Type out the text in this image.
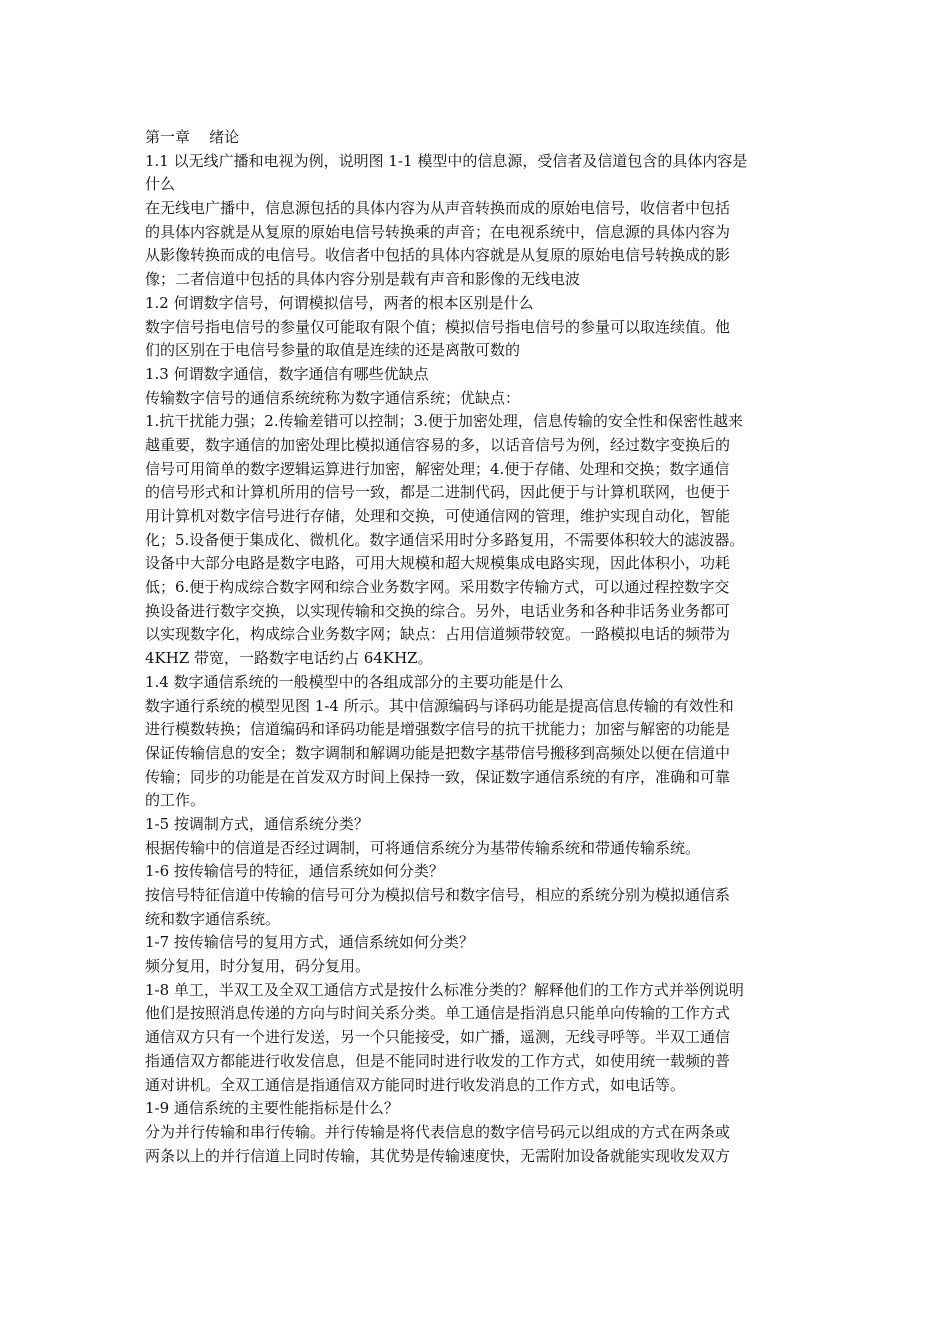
第一章    绪论
1.1 以无线广播和电视为例，说明图 1-1 模型中的信息源，受信者及信道包含的具体内容是
什么
在无线电广播中，信息源包括的具体内容为从声音转换而成的原始电信号，收信者中包括
的具体内容就是从复原的原始电信号转换乘的声音；在电视系统中，信息源的具体内容为
从影像转换而成的电信号。收信者中包括的具体内容就是从复原的原始电信号转换成的影
像；二者信道中包括的具体内容分别是载有声音和影像的无线电波
1.2 何谓数字信号，何谓模拟信号，两者的根本区别是什么
数字信号指电信号的参量仅可能取有限个值；模拟信号指电信号的参量可以取连续值。他
们的区别在于电信号参量的取值是连续的还是离散可数的
1.3 何谓数字通信，数字通信有哪些优缺点
传输数字信号的通信系统统称为数字通信系统；优缺点：
1.抗干扰能力强；2.传输差错可以控制；3.便于加密处理，信息传输的安全性和保密性越来
越重要，数字通信的加密处理比模拟通信容易的多，以话音信号为例，经过数字变换后的
信号可用简单的数字逻辑运算进行加密，解密处理；4.便于存储、处理和交换；数字通信
的信号形式和计算机所用的信号一致，都是二进制代码，因此便于与计算机联网，也便于
用计算机对数字信号进行存储，处理和交换，可使通信网的管理，维护实现自动化，智能
化；5.设备便于集成化、微机化。数字通信采用时分多路复用，不需要体积较大的滤波器。
设备中大部分电路是数字电路，可用大规模和超大规模集成电路实现，因此体积小，功耗
低；6.便于构成综合数字网和综合业务数字网。采用数字传输方式，可以通过程控数字交
换设备进行数字交换，以实现传输和交换的综合。另外，电话业务和各种非话务业务都可
以实现数字化，构成综合业务数字网；缺点：占用信道频带较宽。一路模拟电话的频带为
4KHZ 带宽，一路数字电话约占 64KHZ。
1.4 数字通信系统的一般模型中的各组成部分的主要功能是什么
数字通行系统的模型见图 1-4 所示。其中信源编码与译码功能是提高信息传输的有效性和
进行模数转换；信道编码和译码功能是增强数字信号的抗干扰能力；加密与解密的功能是
保证传输信息的安全；数字调制和解调功能是把数字基带信号搬移到高频处以便在信道中
传输；同步的功能是在首发双方时间上保持一致，保证数字通信系统的有序，准确和可靠
的工作。
1-5 按调制方式，通信系统分类？
根据传输中的信道是否经过调制，可将通信系统分为基带传输系统和带通传输系统。
1-6 按传输信号的特征，通信系统如何分类？
按信号特征信道中传输的信号可分为模拟信号和数字信号，相应的系统分别为模拟通信系
统和数字通信系统。
1-7 按传输信号的复用方式，通信系统如何分类？
频分复用，时分复用，码分复用。
1-8 单工，半双工及全双工通信方式是按什么标准分类的？解释他们的工作方式并举例说明
他们是按照消息传递的方向与时间关系分类。单工通信是指消息只能单向传输的工作方式
通信双方只有一个进行发送，另一个只能接受，如广播，遥测，无线寻呼等。半双工通信
指通信双方都能进行收发信息，但是不能同时进行收发的工作方式，如使用统一载频的普
通对讲机。全双工通信是指通信双方能同时进行收发消息的工作方式，如电话等。
1-9 通信系统的主要性能指标是什么？
分为并行传输和串行传输。并行传输是将代表信息的数字信号码元以组成的方式在两条或
两条以上的并行信道上同时传输，其优势是传输速度快，无需附加设备就能实现收发双方
